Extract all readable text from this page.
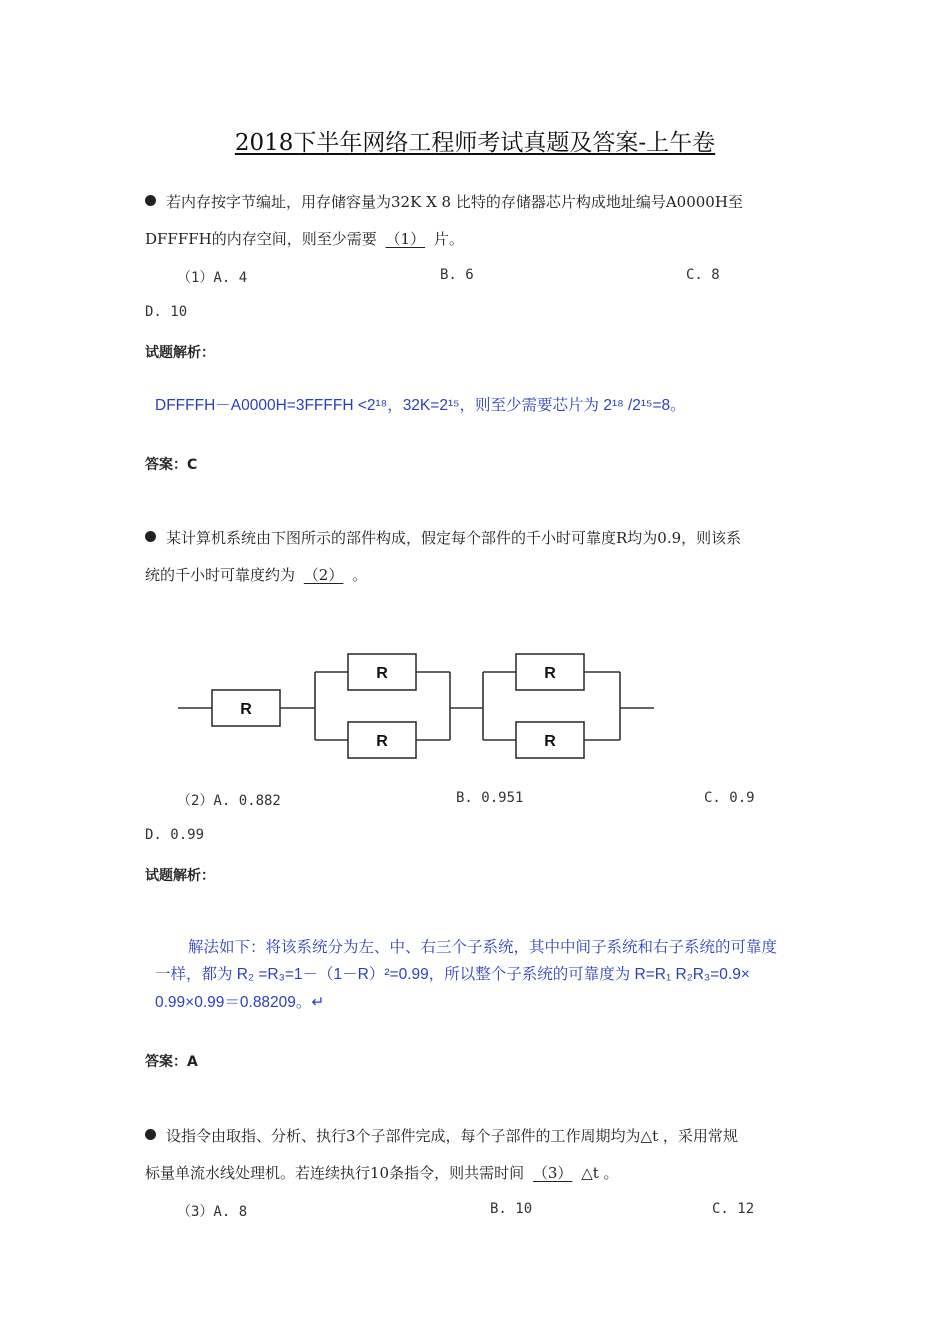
2018下半年网络工程师考试真题及答案-上午卷
若内存按字节编址，用存储容量为32K X 8 比特的存储器芯片构成地址编号A0000H至
DFFFFH的内存空间，则至少需要 （1） 片。
（1）A. 4	B. 6	C. 8
D. 10
试题解析：
DFFFFH－A0000H=3FFFFH <2¹⁸，32K=2¹⁵，则至少需要芯片为 2¹⁸ /2¹⁵=8。
答案：C
某计算机系统由下图所示的部件构成，假定每个部件的千小时可靠度R均为0.9，则该系
统的千小时可靠度约为 （2） 。
R
R
R
R
R
（2）A. 0.882	B. 0.951	C. 0.9
D. 0.99
试题解析：
解法如下：将该系统分为左、中、右三个子系统，其中中间子系统和右子系统的可靠度
一样，都为 R₂ =R₃=1－（1－R）²=0.99，所以整个子系统的可靠度为 R=R₁ R₂R₃=0.9×
0.99×0.99＝0.88209。↵
答案：A
设指令由取指、分析、执行3个子部件完成，每个子部件的工作周期均为△t ，采用常规
标量单流水线处理机。若连续执行10条指令，则共需时间 （3） △t 。
（3）A. 8	B. 10	C. 12
